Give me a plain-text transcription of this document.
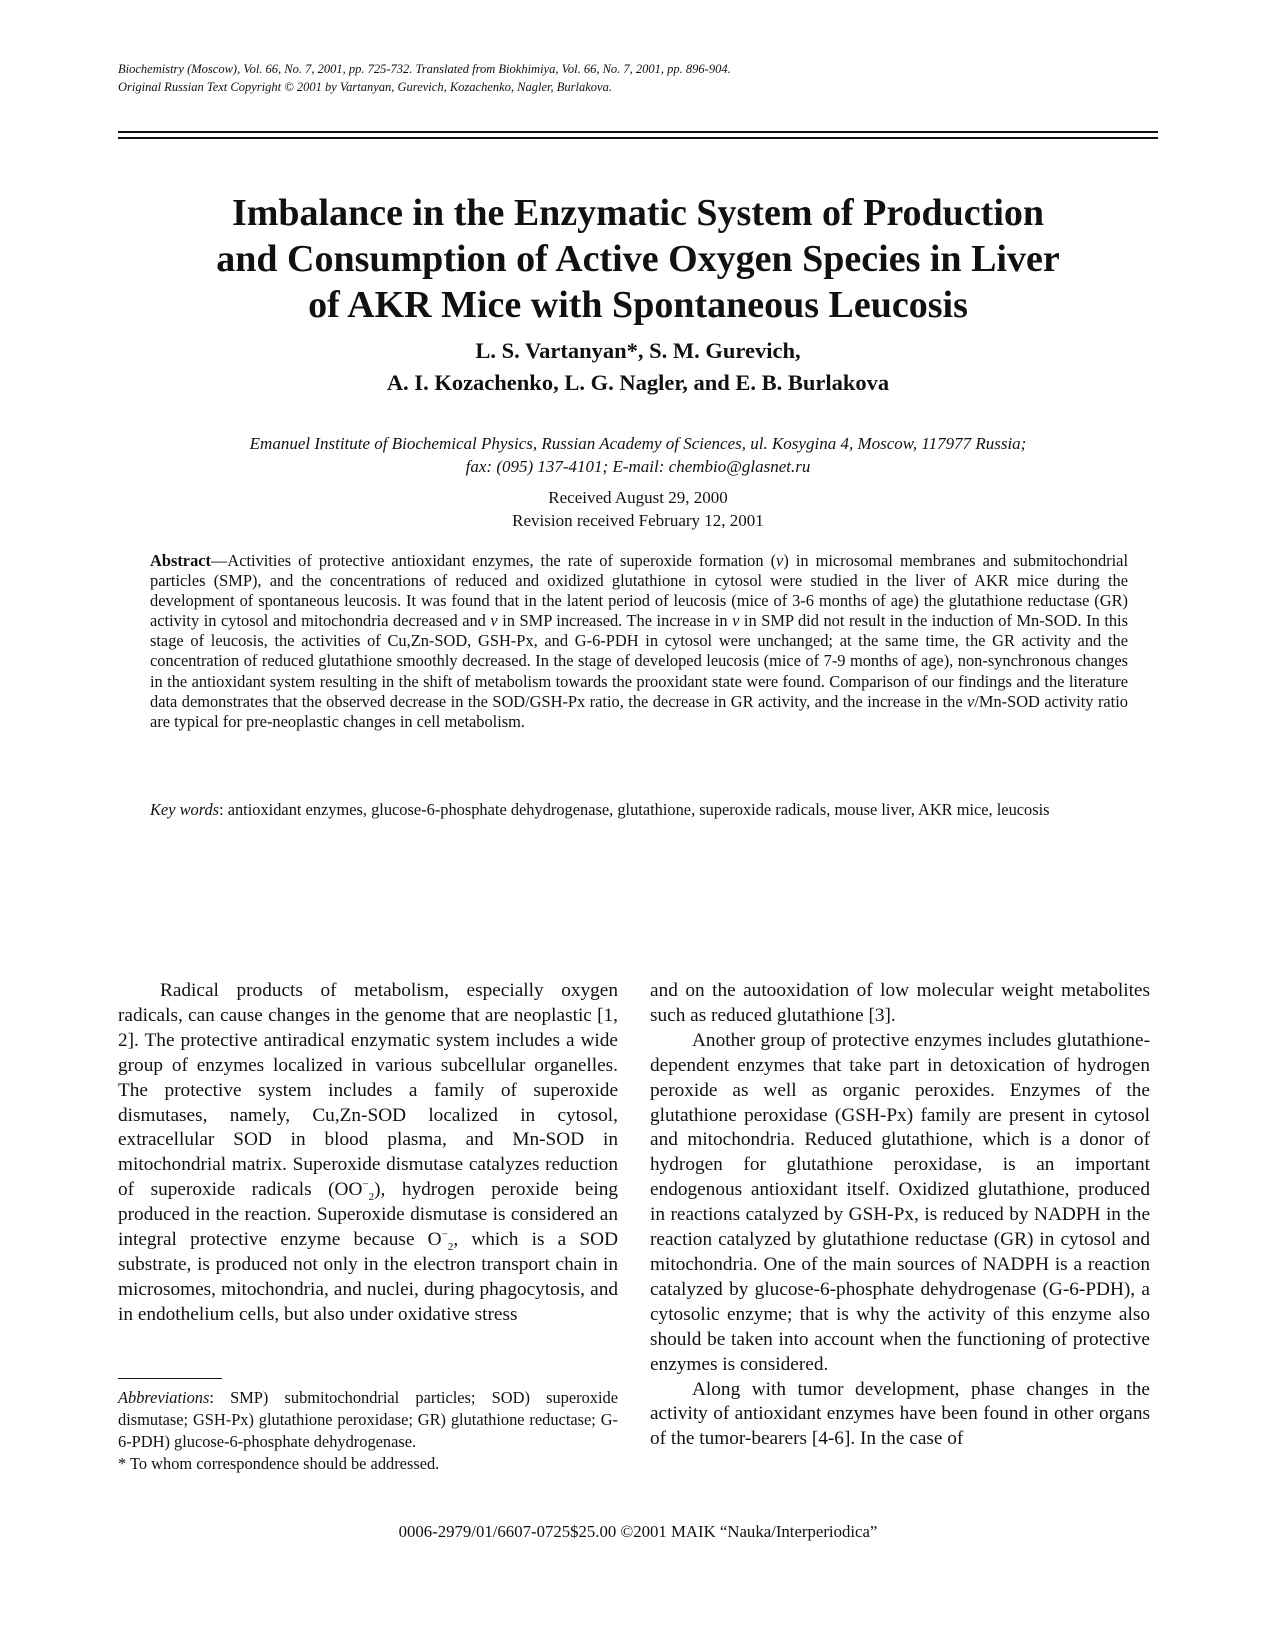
Biochemistry (Moscow), Vol. 66, No. 7, 2001, pp. 725-732. Translated from Biokhimiya, Vol. 66, No. 7, 2001, pp. 896-904.
Original Russian Text Copyright © 2001 by Vartanyan, Gurevich, Kozachenko, Nagler, Burlakova.
Imbalance in the Enzymatic System of Production
and Consumption of Active Oxygen Species in Liver
of AKR Mice with Spontaneous Leucosis
L. S. Vartanyan*, S. M. Gurevich,
A. I. Kozachenko, L. G. Nagler, and E. B. Burlakova
Emanuel Institute of Biochemical Physics, Russian Academy of Sciences, ul. Kosygina 4, Moscow, 117977 Russia;
fax: (095) 137-4101; E-mail: chembio@glasnet.ru
Received August 29, 2000
Revision received February 12, 2001
Abstract—Activities of protective antioxidant enzymes, the rate of superoxide formation (v) in microsomal membranes and submitochondrial particles (SMP), and the concentrations of reduced and oxidized glutathione in cytosol were studied in the liver of AKR mice during the development of spontaneous leucosis. It was found that in the latent period of leucosis (mice of 3-6 months of age) the glutathione reductase (GR) activity in cytosol and mitochondria decreased and v in SMP increased. The increase in v in SMP did not result in the induction of Mn-SOD. In this stage of leucosis, the activities of Cu,Zn-SOD, GSH-Px, and G-6-PDH in cytosol were unchanged; at the same time, the GR activity and the concentration of reduced glutathione smoothly decreased. In the stage of developed leucosis (mice of 7-9 months of age), non-synchronous changes in the antioxidant system resulting in the shift of metabolism towards the prooxidant state were found. Comparison of our findings and the literature data demonstrates that the observed decrease in the SOD/GSH-Px ratio, the decrease in GR activity, and the increase in the v/Mn-SOD activity ratio are typical for pre-neoplastic changes in cell metabolism.
Key words: antioxidant enzymes, glucose-6-phosphate dehydrogenase, glutathione, superoxide radicals, mouse liver, AKR mice, leucosis

Radical products of metabolism, especially oxygen radicals, can cause changes in the genome that are neoplastic [1, 2]. The protective antiradical enzymatic system includes a wide group of enzymes localized in various subcellular organelles. The protective system includes a family of superoxide dismutases, namely, Cu,Zn-SOD localized in cytosol, extracellular SOD in blood plasma, and Mn-SOD in mitochondrial matrix. Superoxide dismutase catalyzes reduction of superoxide radicals $(OO^-_2)$, hydrogen peroxide being produced in the reaction. Superoxide dismutase is considered an integral protective enzyme because $O^-_2$, which is a SOD substrate, is produced not only in the electron transport chain in microsomes, mitochondria, and nuclei, during phagocytosis, and in endothelium cells, but also under oxidative stress

and on the autooxidation of low molecular weight metabolites such as reduced glutathione [3].

Another group of protective enzymes includes glutathione-dependent enzymes that take part in detoxication of hydrogen peroxide as well as organic peroxides. Enzymes of the glutathione peroxidase (GSH-Px) family are present in cytosol and mitochondria. Reduced glutathione, which is a donor of hydrogen for glutathione peroxidase, is an important endogenous antioxidant itself. Oxidized glutathione, produced in reactions catalyzed by GSH-Px, is reduced by NADPH in the reaction catalyzed by glutathione reductase (GR) in cytosol and mitochondria. One of the main sources of NADPH is a reaction catalyzed by glucose-6-phosphate dehydrogenase (G-6-PDH), a cytosolic enzyme; that is why the activity of this enzyme also should be taken into account when the functioning of protective enzymes is considered.

Along with tumor development, phase changes in the activity of antioxidant enzymes have been found in other organs of the tumor-bearers [4-6]. In the case of

Abbreviations: SMP) submitochondrial particles; SOD) superoxide dismutase; GSH-Px) glutathione peroxidase; GR) glutathione reductase; G-6-PDH) glucose-6-phosphate dehydrogenase.

* To whom correspondence should be addressed.

0006-2979/01/6607-0725$25.00 ©2001 MAIK “Nauka/Interperiodica”
